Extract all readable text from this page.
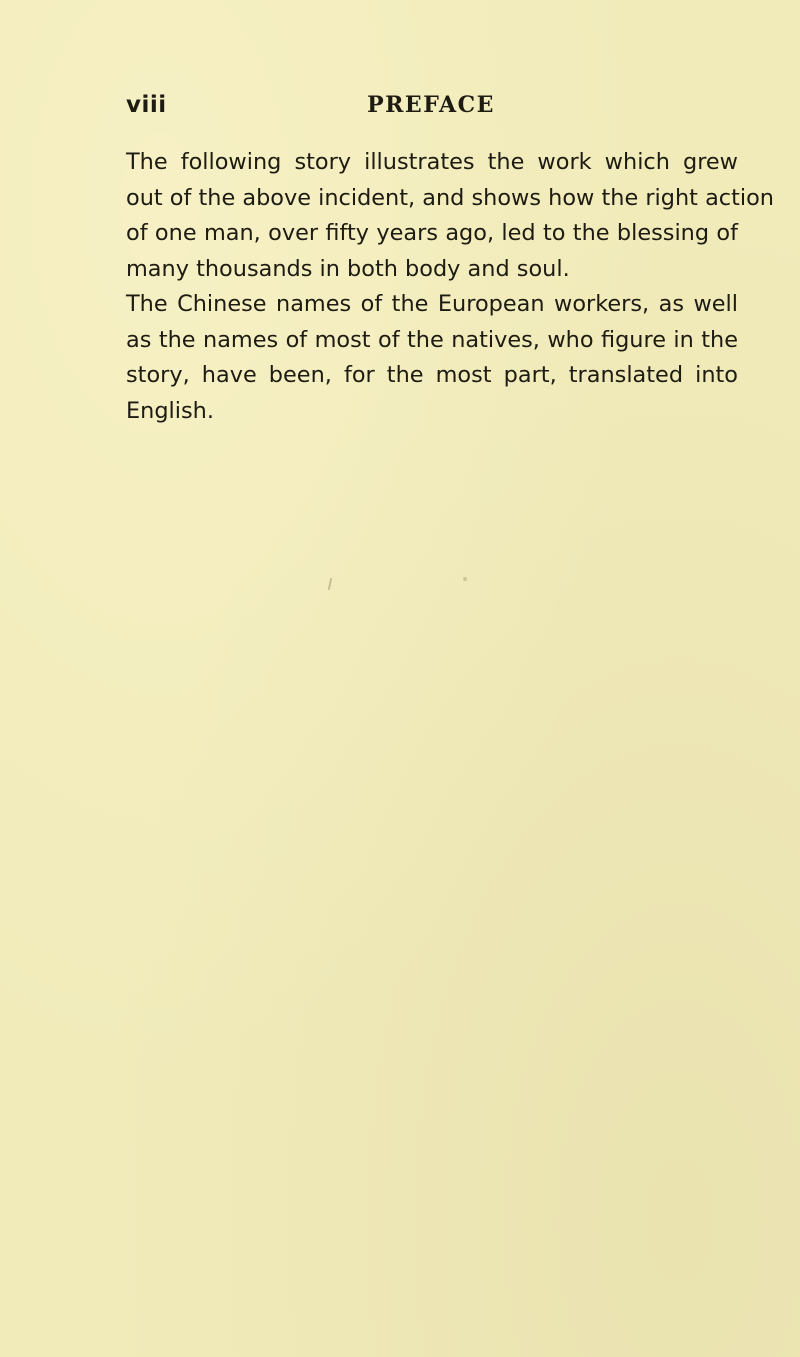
viii	PREFACE

The following story illustrates the work which grew
out of the above incident, and shows how the right action
of one man, over fifty years ago, led to the blessing of
many thousands in both body and soul.

The Chinese names of the European workers, as well
as the names of most of the natives, who figure in the
story, have been, for the most part, translated into
English.
